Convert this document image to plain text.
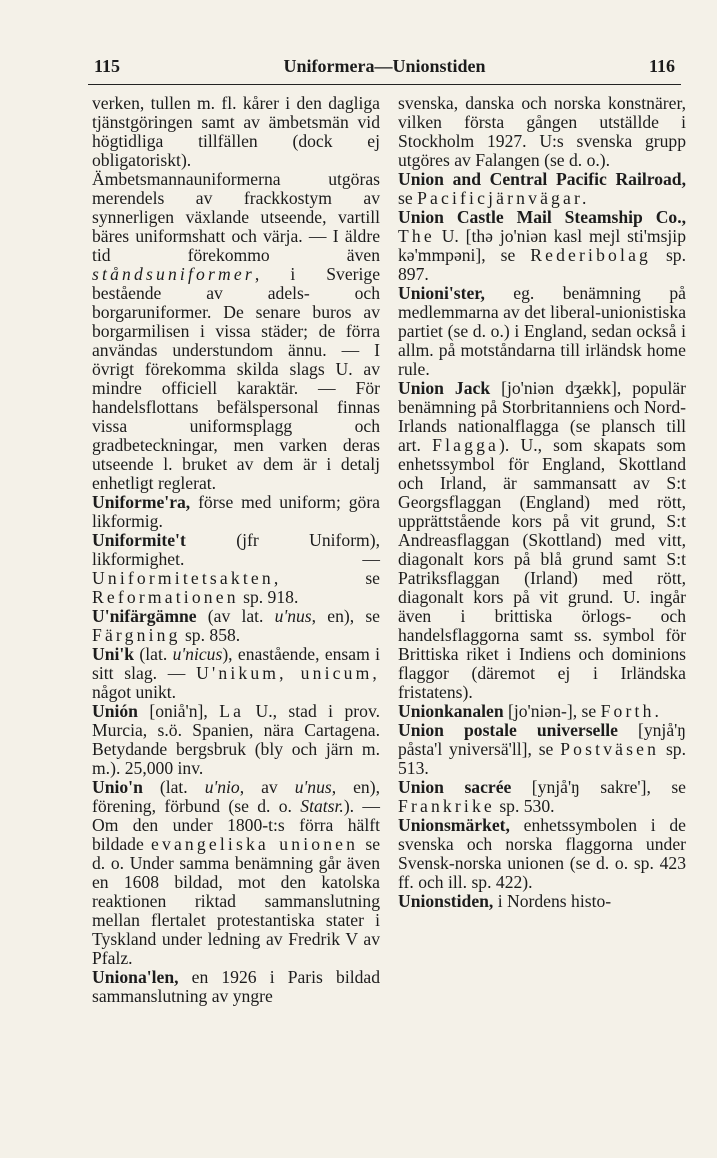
115	Uniformera—Unionstiden	116

verken, tullen m. fl. kårer i den dagliga tjänstgöringen samt av ämbetsmän vid högtidliga tillfällen (dock ej obligatoriskt). Ämbetsmannauniformerna utgöras merendels av frackkostym av synnerligen växlande utseende, vartill bäres uniformshatt och värja. — I äldre tid förekommo även ståndsuniformer, i Sverige bestående av adels- och borgaruniformer. De senare buros av borgarmilisen i vissa städer; de förra användas understundom ännu. — I övrigt förekomma skilda slags U. av mindre officiell karaktär. — För handelsflottans befälspersonal finnas vissa uniformsplagg och gradbeteckningar, men varken deras utseende l. bruket av dem är i detalj enhetligt reglerat.

Uniforme'ra, förse med uniform; göra likformig.

Uniformite't (jfr Uniform), likformighet. — Uniformitetsakten, se Reformationen sp. 918.

U'nifärgämne (av lat. u'nus, en), se Färgning sp. 858.

Uni'k (lat. u'nicus), enastående, ensam i sitt slag. — U'nikum, unicum, något unikt.

Unión [oniå'n], La U., stad i prov. Murcia, s.ö. Spanien, nära Cartagena. Betydande bergsbruk (bly och järn m. m.). 25,000 inv.

Unio'n (lat. u'nio, av u'nus, en), förening, förbund (se d. o. Statsr.). — Om den under 1800-t:s förra hälft bildade evangeliska unionen se d. o. Under samma benämning går även en 1608 bildad, mot den katolska reaktionen riktad sammanslutning mellan flertalet protestantiska stater i Tyskland under ledning av Fredrik V av Pfalz.

Uniona'len, en 1926 i Paris bildad sammanslutning av yngre

svenska, danska och norska konstnärer, vilken första gången utställde i Stockholm 1927. U:s svenska grupp utgöres av Falangen (se d. o.).

Union and Central Pacific Railroad, se Pacificjärnvägar.

Union Castle Mail Steamship Co., The U. [thə jo'niən kasl mejl sti'msjip kə'mmpəni], se Rederibolag sp. 897.

Unioni'ster, eg. benämning på medlemmarna av det liberal-unionistiska partiet (se d. o.) i England, sedan också i allm. på motståndarna till irländsk home rule.

Union Jack [jo'niən dʒækk], populär benämning på Storbritanniens och Nord-Irlands nationalflagga (se plansch till art. Flagga). U., som skapats som enhetssymbol för England, Skottland och Irland, är sammansatt av S:t Georgsflaggan (England) med rött, upprättstående kors på vit grund, S:t Andreasflaggan (Skottland) med vitt, diagonalt kors på blå grund samt S:t Patriksflaggan (Irland) med rött, diagonalt kors på vit grund. U. ingår även i brittiska örlogs- och handelsflaggorna samt ss. symbol för Brittiska riket i Indiens och dominions flaggor (däremot ej i Irländska fristatens).

Unionkanalen [jo'niən-], se Forth.

Union postale universelle [ynjå'ŋ påsta'l yniversä'll], se Postväsen sp. 513.

Union sacrée [ynjå'ŋ sakre'], se Frankrike sp. 530.

Unionsmärket, enhetssymbolen i de svenska och norska flaggorna under Svensk-norska unionen (se d. o. sp. 423 ff. och ill. sp. 422).

Unionstiden, i Nordens histo-
